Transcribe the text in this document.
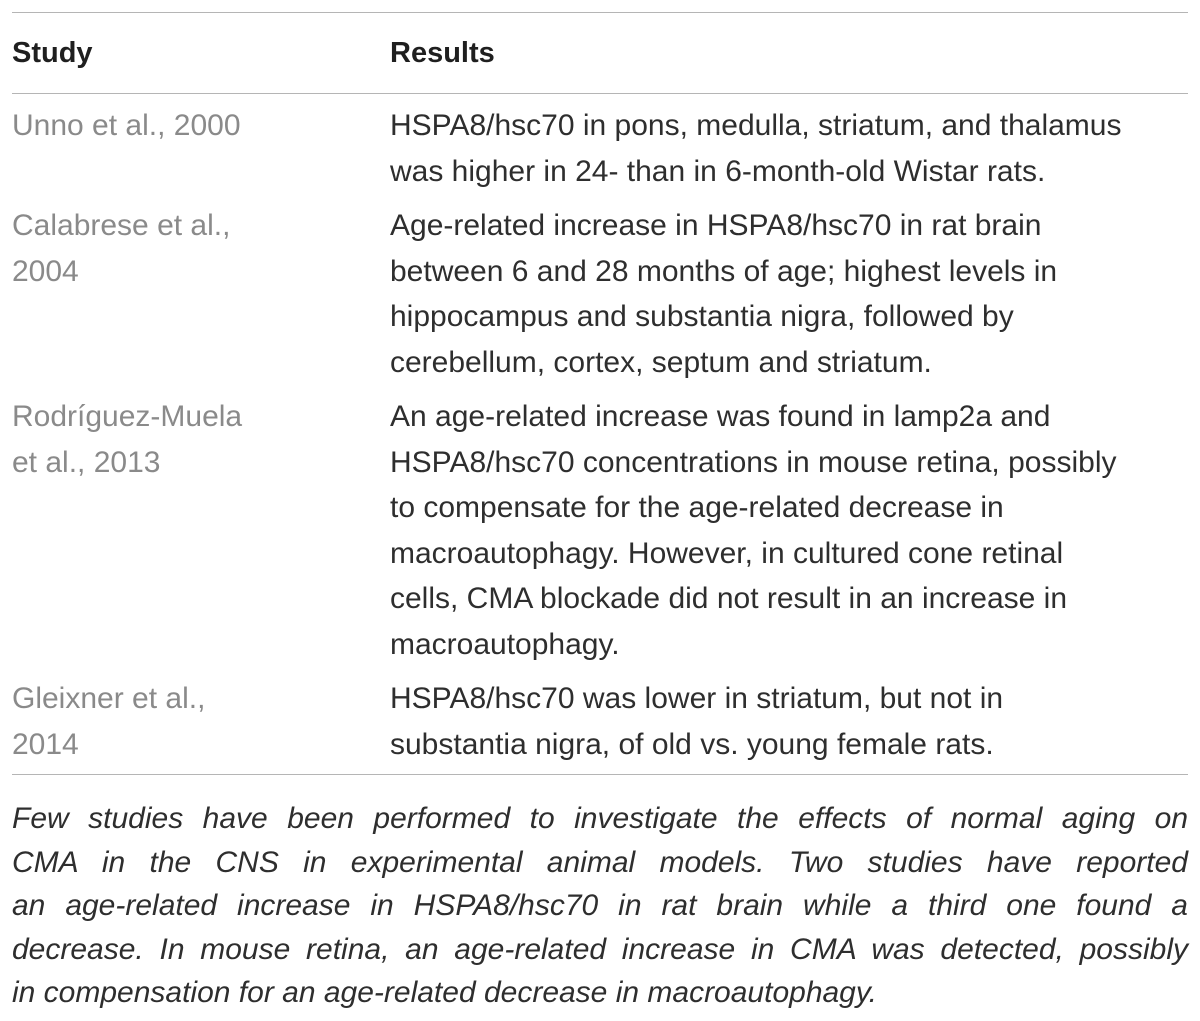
Study	Results
Unno et al., 2000	HSPA8/hsc70 in pons, medulla, striatum, and thalamus
was higher in 24- than in 6-month-old Wistar rats.
Calabrese et al.,
2004
Age-related increase in HSPA8/hsc70 in rat brain
between 6 and 28 months of age; highest levels in
hippocampus and substantia nigra, followed by
cerebellum, cortex, septum and striatum.
Rodríguez-Muela
et al., 2013
An age-related increase was found in lamp2a and
HSPA8/hsc70 concentrations in mouse retina, possibly
to compensate for the age-related decrease in
macroautophagy. However, in cultured cone retinal
cells, CMA blockade did not result in an increase in
macroautophagy.
Gleixner et al.,
2014
HSPA8/hsc70 was lower in striatum, but not in
substantia nigra, of old vs. young female rats.
Few studies have been performed to investigate the effects of normal aging on
CMA in the CNS in experimental animal models. Two studies have reported
an age-related increase in HSPA8/hsc70 in rat brain while a third one found a
decrease. In mouse retina, an age-related increase in CMA was detected, possibly
in compensation for an age-related decrease in macroautophagy.
